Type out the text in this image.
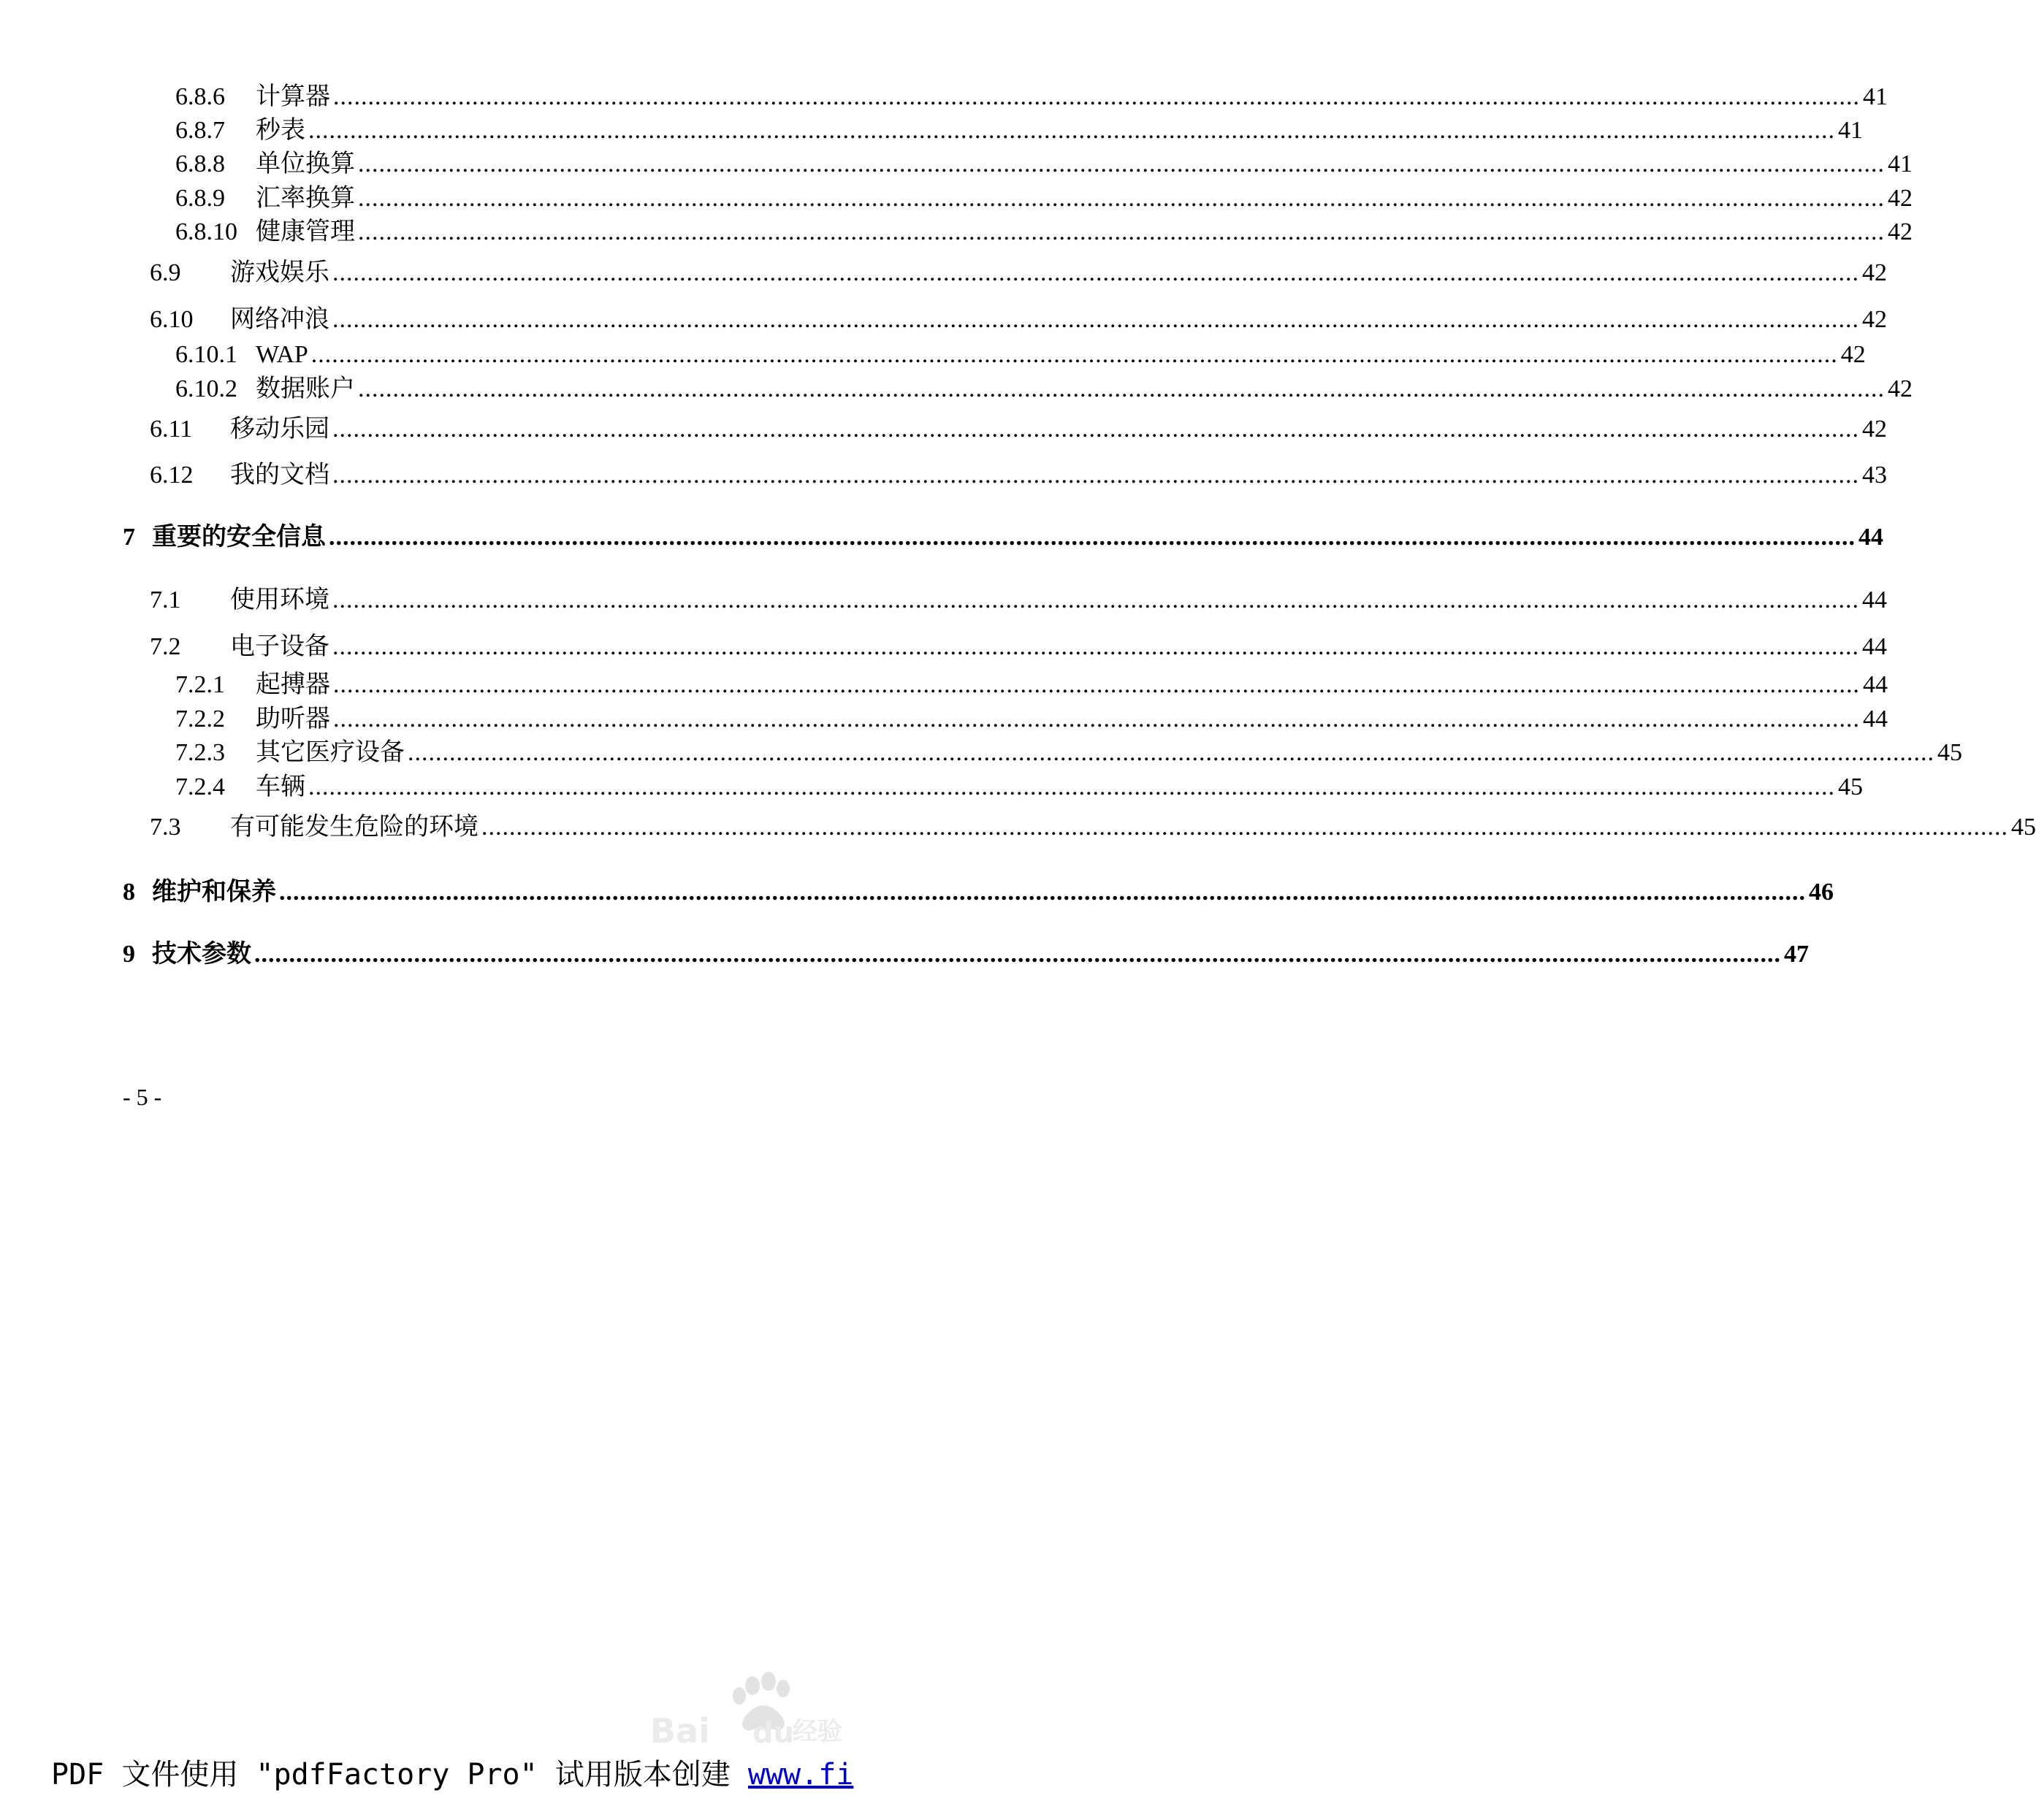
6.8.6	计算器 ............................................................................................................................................................................................................................ 41
6.8.7	秒表 ............................................................................................................................................................................................................................ 41
6.8.8	单位换算 ............................................................................................................................................................................................................................ 41
6.8.9	汇率换算 ............................................................................................................................................................................................................................ 42
6.8.10 健康管理 ............................................................................................................................................................................................................................ 42
6.9	游戏娱乐 ............................................................................................................................................................................................................................ 42
6.10	网络冲浪 ............................................................................................................................................................................................................................ 42
6.10.1 WAP ............................................................................................................................................................................................................................ 42
6.10.2 数据账户 ............................................................................................................................................................................................................................ 42
6.11	移动乐园 ............................................................................................................................................................................................................................ 42
6.12	我的文档 ............................................................................................................................................................................................................................ 43
7 重要的安全信息 ............................................................................................................................................................................................................................ 44
7.1	使用环境 ............................................................................................................................................................................................................................ 44
7.2	电子设备 ............................................................................................................................................................................................................................ 44
7.2.1	起搏器 ............................................................................................................................................................................................................................ 44
7.2.2	助听器 ............................................................................................................................................................................................................................ 44
7.2.3	其它医疗设备 ............................................................................................................................................................................................................................ 45
7.2.4	车辆 ............................................................................................................................................................................................................................ 45
7.3	有可能发生危险的环境 ............................................................................................................................................................................................................................ 45
8 维护和保养 ............................................................................................................................................................................................................................ 46
9 技术参数 ............................................................................................................................................................................................................................ 47
- 5 -
Bai du
经验
PDF 文件使用 "pdfFactory Pro" 试用版本创建 www.fi
